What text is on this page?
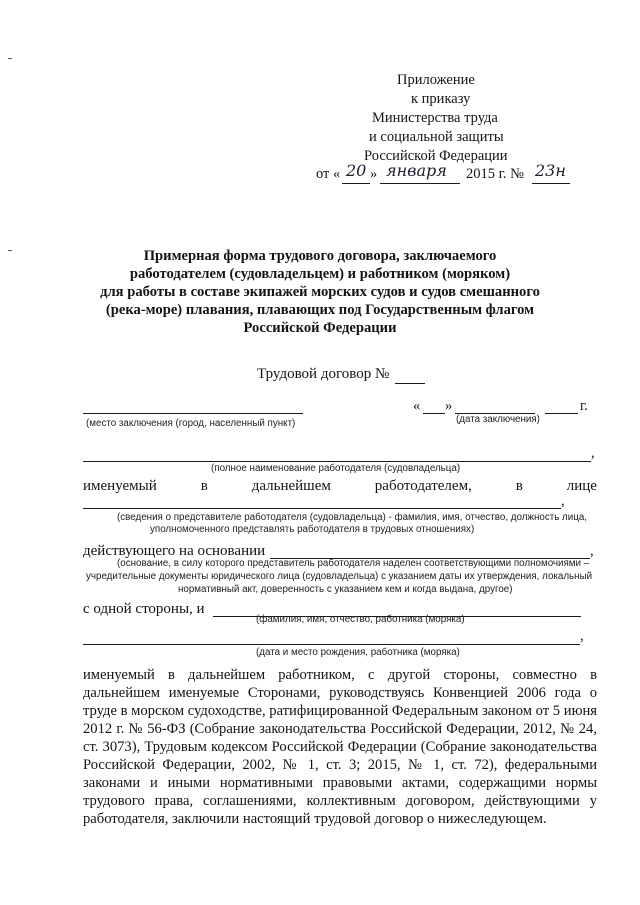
Приложение
к приказу
Министерства труда
и социальной защиты
Российской Федерации
от « 20 » января 2015 г. № 23н
Примерная форма трудового договора, заключаемого
работодателем (судовладельцем) и работником (моряком)
для работы в составе экипажей морских судов и судов смешанного
(река-море) плавания, плавающих под Государственным флагом
Российской Федерации
Трудовой договор №
« »	г.
(место заключения (город, населенный пункт)	(дата заключения)
,
(полное наименование работодателя (судовладельца)
именуемый	в	дальнейшем	работодателем,	в	лице
,
(сведения о представителе работодателя (судовладельца) - фамилия, имя, отчество, должность лица,
уполномоченного представлять работодателя в трудовых отношениях)
действующего на основании	,
(основание, в силу которого представитель работодателя наделен соответствующими полномочиями –
учредительные документы юридического лица (судовладельца) с указанием даты их утверждения, локальный
нормативный акт, доверенность с указанием кем и когда выдана, другое)
с одной стороны, и
(фамилия, имя, отчество, работника (моряка)
,
(дата и место рождения, работника (моряка)
именуемый в дальнейшем работником, с другой стороны, совместно в дальнейшем именуемые Сторонами, руководствуясь Конвенцией 2006 года о труде в морском судоходстве, ратифицированной Федеральным законом от 5 июня 2012 г. № 56-ФЗ (Собрание законодательства Российской Федерации, 2012, № 24, ст. 3073), Трудовым кодексом Российской Федерации (Собрание законодательства Российской Федерации, 2002, № 1, ст. 3; 2015, № 1, ст. 72), федеральными законами и иными нормативными правовыми актами, содержащими нормы трудового права, соглашениями, коллективным договором, действующими у работодателя, заключили настоящий трудовой договор о нижеследующем.
